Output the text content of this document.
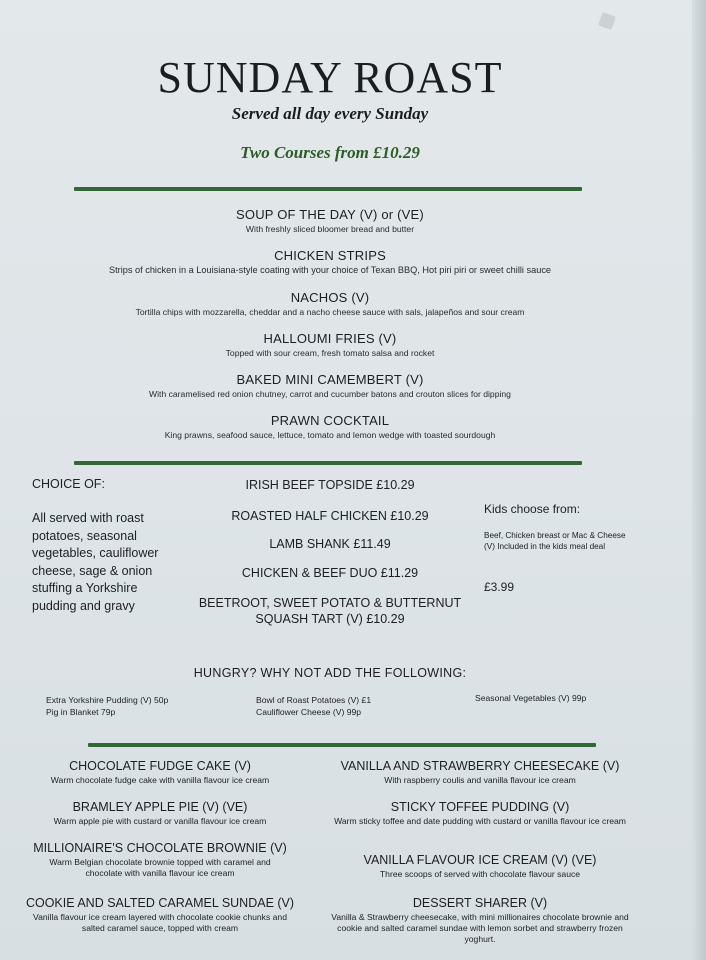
SUNDAY ROAST
Served all day every Sunday
Two Courses from £10.29
SOUP OF THE DAY (V) or (VE)
With freshly sliced bloomer bread and butter
CHICKEN STRIPS
Strips of chicken in a Louisiana-style coating with your choice of Texan BBQ, Hot piri piri or sweet chilli sauce
NACHOS (V)
Tortilla chips with mozzarella, cheddar and a nacho cheese sauce with sals, jalapeños and sour cream
HALLOUMI FRIES (V)
Topped with sour cream, fresh tomato salsa and rocket
BAKED MINI CAMEMBERT (V)
With caramelised red onion chutney, carrot and cucumber batons and crouton slices for dipping
PRAWN COCKTAIL
King prawns, seafood sauce, lettuce, tomato and lemon wedge with toasted sourdough
CHOICE OF:
All served with roast potatoes, seasonal vegetables, cauliflower cheese, sage & onion stuffing a Yorkshire pudding and gravy
IRISH BEEF TOPSIDE £10.29
ROASTED HALF CHICKEN £10.29
LAMB SHANK £11.49
CHICKEN & BEEF DUO £11.29
BEETROOT, SWEET POTATO & BUTTERNUT SQUASH TART (V) £10.29
Kids choose from:
Beef, Chicken breast or Mac & Cheese (V) Included in the kids meal deal
£3.99
HUNGRY? WHY NOT ADD THE FOLLOWING:
Extra Yorkshire Pudding (V) 50p
Pig in Blanket 79p
Bowl of Roast Potatoes (V) £1
Cauliflower Cheese (V) 99p
Seasonal Vegetables (V) 99p
CHOCOLATE FUDGE CAKE (V)
Warm chocolate fudge cake with vanilla flavour ice cream
BRAMLEY APPLE PIE (V) (VE)
Warm apple pie with custard or vanilla flavour ice cream
MILLIONAIRE'S CHOCOLATE BROWNIE (V)
Warm Belgian chocolate brownie topped with caramel and chocolate with vanilla flavour ice cream
COOKIE AND SALTED CARAMEL SUNDAE (V)
Vanilla flavour ice cream layered with chocolate cookie chunks and salted caramel sauce, topped with cream
VANILLA AND STRAWBERRY CHEESECAKE (V)
With raspberry coulis and vanilla flavour ice cream
STICKY TOFFEE PUDDING (V)
Warm sticky toffee and date pudding with custard or vanilla flavour ice cream
VANILLA FLAVOUR ICE CREAM (V) (VE)
Three scoops of served with chocolate flavour sauce
DESSERT SHARER (V)
Vanilla & Strawberry cheesecake, with mini millionaires chocolate brownie and cookie and salted caramel sundae with lemon sorbet and strawberry frozen yoghurt.
